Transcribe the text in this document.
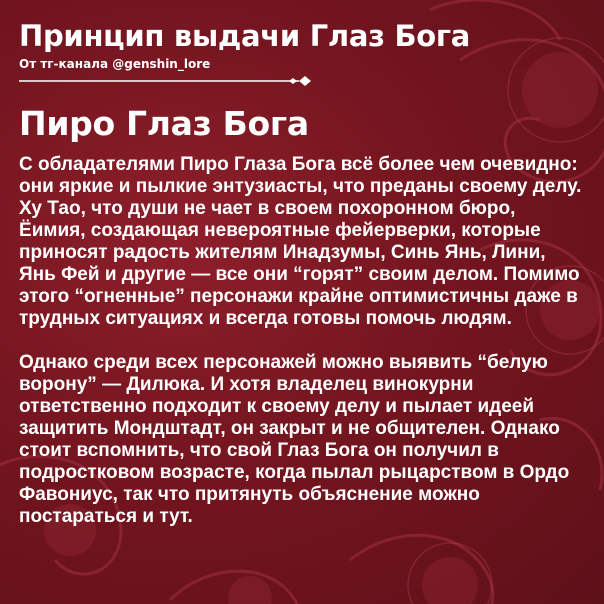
Принцип выдачи Глаз Бога
От тг-канала @genshin_lore
Пиро Глаз Бога
С обладателями Пиро Глаза Бога всё более чем очевидно: они яркие и пылкие энтузиасты, что преданы своему делу. Ху Тао, что души не чает в своем похоронном бюро, Ёимия, создающая невероятные фейерверки, которые приносят радость жителям Инадзумы, Синь Янь, Лини, Янь Фей и другие — все они “горят” своим делом. Помимо этого “огненные” персонажи крайне оптимистичны даже в трудных ситуациях и всегда готовы помочь людям.
Однако среди всех персонажей можно выявить “белую ворону” — Дилюка. И хотя владелец винокурни ответственно подходит к своему делу и пылает идеей защитить Мондштадт, он закрыт и не общителен. Однако стоит вспомнить, что свой Глаз Бога он получил в подростковом возрасте, когда пылал рыцарством в Ордо Фавониус, так что притянуть объяснение можно постараться и тут.
